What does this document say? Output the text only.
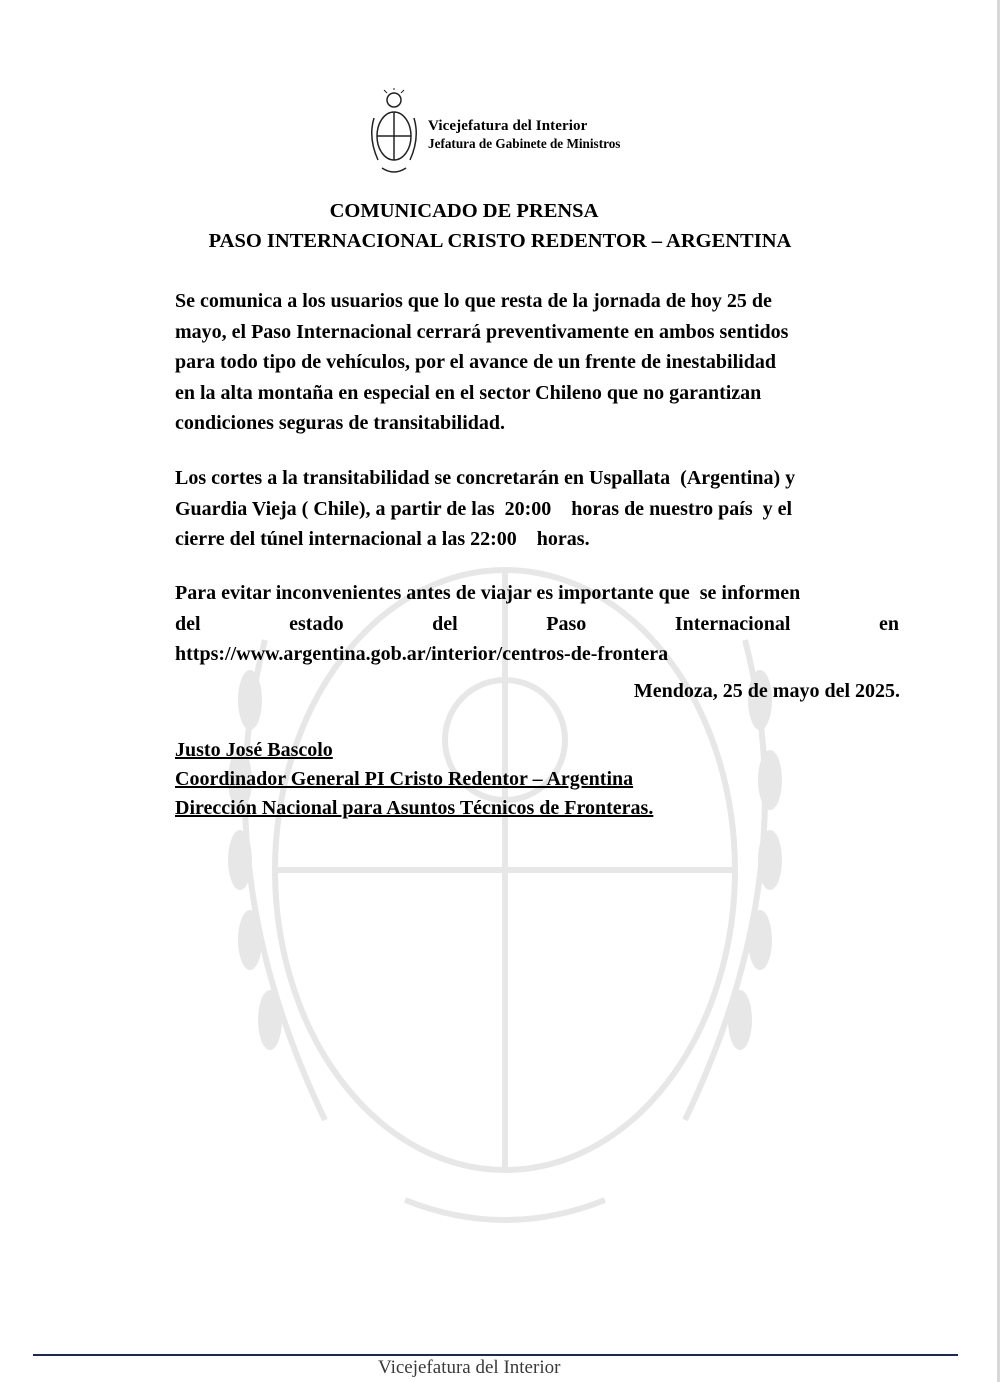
Vicejefatura del Interior
Jefatura de Gabinete de Ministros
COMUNICADO DE PRENSA
PASO INTERNACIONAL CRISTO REDENTOR – ARGENTINA
Se comunica a los usuarios que lo que resta de la jornada de hoy 25 de
mayo, el Paso Internacional cerrará preventivamente en ambos sentidos
para todo tipo de vehículos, por el avance de un frente de inestabilidad
en la alta montaña en especial en el sector Chileno que no garantizan
condiciones seguras de transitabilidad.
Los cortes a la transitabilidad se concretarán en Uspallata  (Argentina) y
Guardia Vieja ( Chile), a partir de las  20:00    horas de nuestro país  y el
cierre del túnel internacional a las 22:00    horas.
Para evitar inconvenientes antes de viajar es importante que  se informen
del	estado	del	Paso	Internacional	en
https://www.argentina.gob.ar/interior/centros-de-frontera
Mendoza, 25 de mayo del 2025.
Justo José Bascolo
Coordinador General PI Cristo Redentor – Argentina
Dirección Nacional para Asuntos Técnicos de Fronteras.
Vicejefatura del Interior
